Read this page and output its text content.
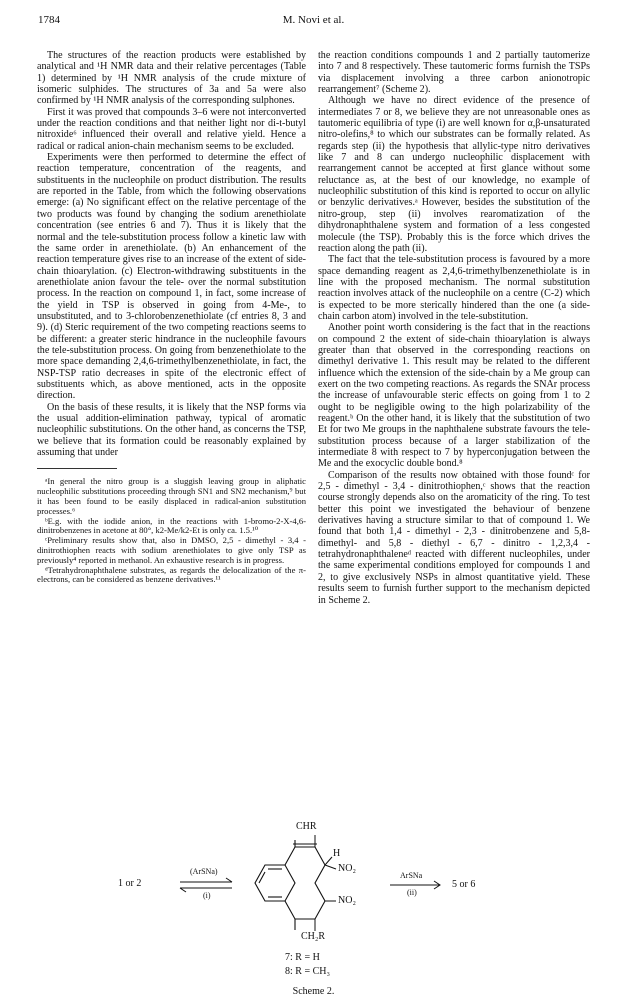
1784	M. Novi et al.

The structures of the reaction products were established by analytical and ¹H NMR data and their relative percentages (Table 1) determined by ¹H NMR analysis of the crude mixture of isomeric sulphides. The structures of 3a and 5a were also confirmed by ¹H NMR analysis of the corresponding sulphones.

First it was proved that compounds 3–6 were not interconverted under the reaction conditions and that neither light nor di-t-butyl nitroxide⁶ influenced their overall and relative yield. Hence a radical or radical anion-chain mechanism seems to be excluded.

Experiments were then performed to determine the effect of reaction temperature, concentration of the reagents, and substituents in the nucleophile on product distribution. The results are reported in the Table, from which the following observations emerge: (a) No significant effect on the relative percentage of the two products was found by changing the sodium arenethiolate concentration (see entries 6 and 7). Thus it is likely that the normal and the tele-substitution process follow a kinetic law with the same order in arenethiolate. (b) An enhancement of the reaction temperature gives rise to an increase of the extent of side-chain thioarylation. (c) Electron-withdrawing substituents in the arenethiolate anion favour the tele- over the normal substitution process. In the reaction on compound 1, in fact, some increase of the yield in TSP is observed in going from 4-Me-, to unsubstituted, and to 3-chlorobenzenethiolate (cf entries 8, 3 and 9). (d) Steric requirement of the two competing reactions seems to be different: a greater steric hindrance in the nucleophile favours the tele-substitution process. On going from benzenethiolate to the more space demanding 2,4,6-trimethylbenzenethiolate, in fact, the NSP-TSP ratio decreases in spite of the electronic effect of substituents which, as above mentioned, acts in the opposite direction.

On the basis of these results, it is likely that the NSP forms via the usual addition-elimination pathway, typical of aromatic nucleophilic substitutions. On the other hand, as concerns the TSP, we believe that its formation could be reasonably explained by assuming that under

ᵃIn general the nitro group is a sluggish leaving group in aliphatic nucleophilic substitutions proceeding through SN1 and SN2 mechanism,⁹ but it has been found to be easily displaced in radical-anion substitution processes.⁶

ᵇE.g. with the iodide anion, in the reactions with 1-bromo-2-X-4,6-dinitrobenzenes in acetone at 80°, k2-Me/k2-Et is only ca. 1.5.¹⁰

ᶜPreliminary results show that, also in DMSO, 2,5 - dimethyl - 3,4 - dinitrothiophen reacts with sodium arenethiolates to give only TSP as previously⁴ reported in methanol. An exhaustive research is in progress.

ᵈTetrahydronaphthalene substrates, as regards the delocalization of the π-electrons, can be considered as benzene derivatives.¹¹

the reaction conditions compounds 1 and 2 partially tautomerize into 7 and 8 respectively. These tautomeric forms furnish the TSPs via displacement involving a three carbon anionotropic rearrangement⁷ (Scheme 2).

Although we have no direct evidence of the presence of intermediates 7 or 8, we believe they are not unreasonable ones as tautomeric equilibria of type (i) are well known for α,β-unsaturated nitro-olefins,⁸ to which our substrates can be formally related. As regards step (ii) the hypothesis that allylic-type nitro derivatives like 7 and 8 can undergo nucleophilic displacement with rearrangement cannot be accepted at first glance without some reluctance as, at the best of our knowledge, no example of nucleophilic substitution of this kind is reported to occur on allylic or benzylic derivatives.ᵃ However, besides the substitution of the nitro-group, step (ii) involves rearomatization of the dihydronaphthalene system and formation of a less congested molecule (the TSP). Probably this is the force which drives the reaction along the path (ii).

The fact that the tele-substitution process is favoured by a more space demanding reagent as 2,4,6-trimethylbenzenethiolate is in line with the proposed mechanism. The normal substitution reaction involves attack of the nucleophile on a centre (C-2) which is expected to be more sterically hindered than the one (a side-chain carbon atom) involved in the tele-substitution.

Another point worth considering is the fact that in the reactions on compound 2 the extent of side-chain thioarylation is always greater than that observed in the corresponding reactions on dimethyl derivative 1. This result may be related to the different influence which the extension of the side-chain by a Me group can exert on the two competing reactions. As regards the SNAr process the increase of unfavourable steric effects on going from 1 to 2 ought to be negligible owing to the high polarizability of the reagent.ᵇ On the other hand, it is likely that the substitution of two Et for two Me groups in the naphthalene substrate favours the tele-substitution process because of a larger stabilization of the intermediate 8 with respect to 7 by hyperconjugation between the Me and the exocyclic double bond.⁸

Comparison of the results now obtained with those foundᶜ for 2,5 - dimethyl - 3,4 - dinitrothiophen,ᶜ shows that the reaction course strongly depends also on the aromaticity of the ring. To test better this point we investigated the behaviour of benzene derivatives having a structure similar to that of compound 1. We found that both 1,4 - dimethyl - 2,3 - dinitrobenzene and 5,8-dimethyl- and 5,8 - diethyl - 6,7 - dinitro - 1,2,3,4 - tetrahydronaphthaleneᵈ reacted with different nucleophiles, under the same experimental conditions employed for compounds 1 and 2, to give exclusively NSPs in almost quantitative yield. These results seem to furnish further support to the mechanism depicted in Scheme 2.

1 or 2
(ArSNa)
(i)
CHR
H
NO₂
NO₂
CH₂R
ArSNa
(ii)
5 or 6
7: R = H
8: R = CH₃
Scheme 2.
